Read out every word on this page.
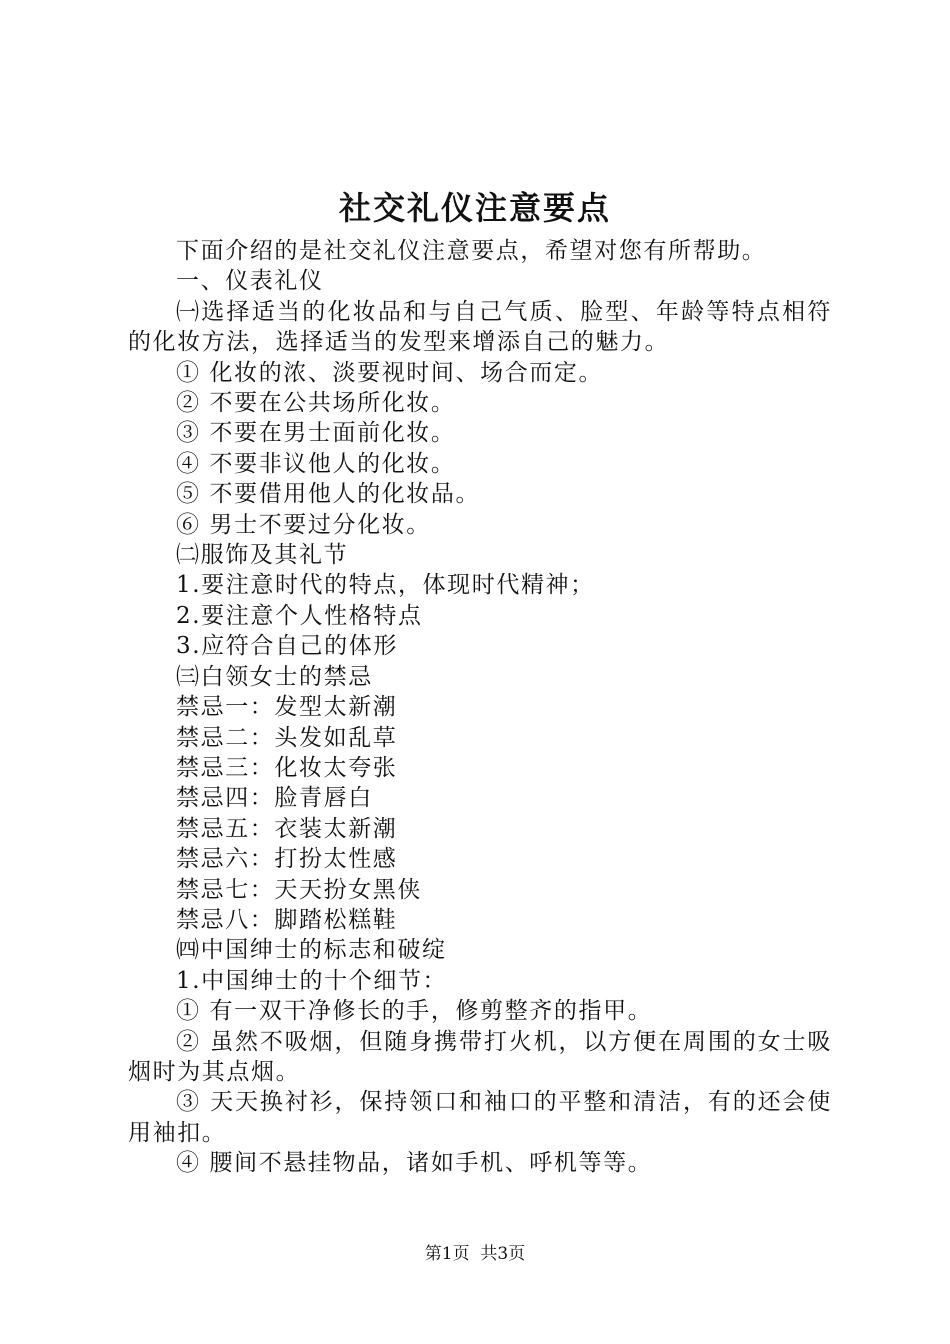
社交礼仪注意要点

下面介绍的是社交礼仪注意要点，希望对您有所帮助。

一、仪表礼仪

㈠选择适当的化妆品和与自己气质、脸型、年龄等特点相符的化妆方法，选择适当的发型来增添自己的魅力。

① 化妆的浓、淡要视时间、场合而定。

② 不要在公共场所化妆。

③ 不要在男士面前化妆。

④ 不要非议他人的化妆。

⑤ 不要借用他人的化妆品。

⑥ 男士不要过分化妆。

㈡服饰及其礼节

1.要注意时代的特点，体现时代精神；

2.要注意个人性格特点

3.应符合自己的体形

㈢白领女士的禁忌

禁忌一：发型太新潮

禁忌二：头发如乱草

禁忌三：化妆太夸张

禁忌四：脸青唇白

禁忌五：衣装太新潮

禁忌六：打扮太性感

禁忌七：天天扮女黑侠

禁忌八：脚踏松糕鞋

㈣中国绅士的标志和破绽

1.中国绅士的十个细节：

① 有一双干净修长的手，修剪整齐的指甲。

② 虽然不吸烟，但随身携带打火机，以方便在周围的女士吸烟时为其点烟。

③ 天天换衬衫，保持领口和袖口的平整和清洁，有的还会使用袖扣。

④ 腰间不悬挂物品，诸如手机、呼机等等。

第1页  共3页
